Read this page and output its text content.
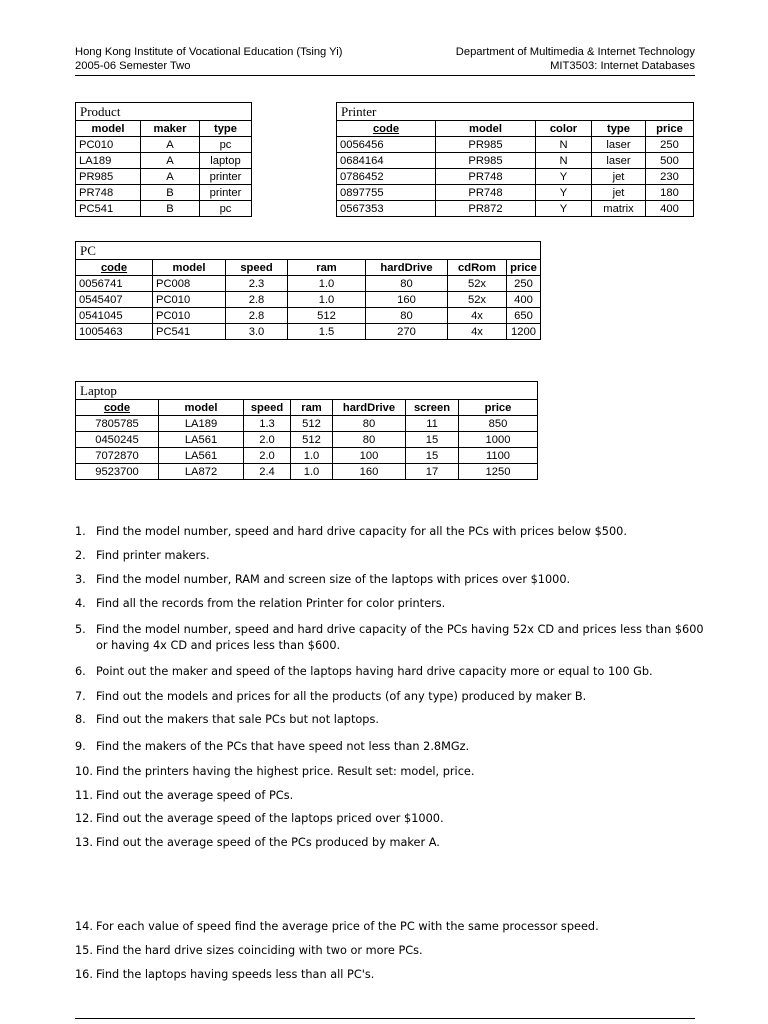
Hong Kong Institute of Vocational Education (Tsing Yi)	Department of Multimedia & Internet Technology
2005-06 Semester Two	MIT3503: Internet Databases
Product		
model	maker	type
PC010	A	pc
LA189	A	laptop
PR985	A	printer
PR748	B	printer
PC541	B	pc
Printer				
code	model	color	type	price
0056456	PR985	N	laser	250
0684164	PR985	N	laser	500
0786452	PR748	Y	jet	230
0897755	PR748	Y	jet	180
0567353	PR872	Y	matrix	400
PC						
code	model	speed	ram	hardDrive	cdRom	price
0056741	PC008	2.3	1.0	80	52x	250
0545407	PC010	2.8	1.0	160	52x	400
0541045	PC010	2.8	512	80	4x	650
1005463	PC541	3.0	1.5	270	4x	1200
Laptop						
code	model	speed	ram	hardDrive	screen	price
7805785	LA189	1.3	512	80	11	850
0450245	LA561	2.0	512	80	15	1000
7072870	LA561	2.0	1.0	100	15	1100
9523700	LA872	2.4	1.0	160	17	1250
1. Find the model number, speed and hard drive capacity for all the PCs with prices below $500.
2. Find printer makers.
3. Find the model number, RAM and screen size of the laptops with prices over $1000.
4. Find all the records from the relation Printer for color printers.
5. Find the model number, speed and hard drive capacity of the PCs having 52x CD and prices less than $600 or having 4x CD and prices less than $600.
6. Point out the maker and speed of the laptops having hard drive capacity more or equal to 100 Gb.
7. Find out the models and prices for all the products (of any type) produced by maker B.
8. Find out the makers that sale PCs but not laptops.
9. Find the makers of the PCs that have speed not less than 2.8MGz.
10. Find the printers having the highest price. Result set: model, price.
11. Find out the average speed of PCs.
12. Find out the average speed of the laptops priced over $1000.
13. Find out the average speed of the PCs produced by maker A.
14. For each value of speed find the average price of the PC with the same processor speed.
15. Find the hard drive sizes coinciding with two or more PCs.
16. Find the laptops having speeds less than all PC's.
